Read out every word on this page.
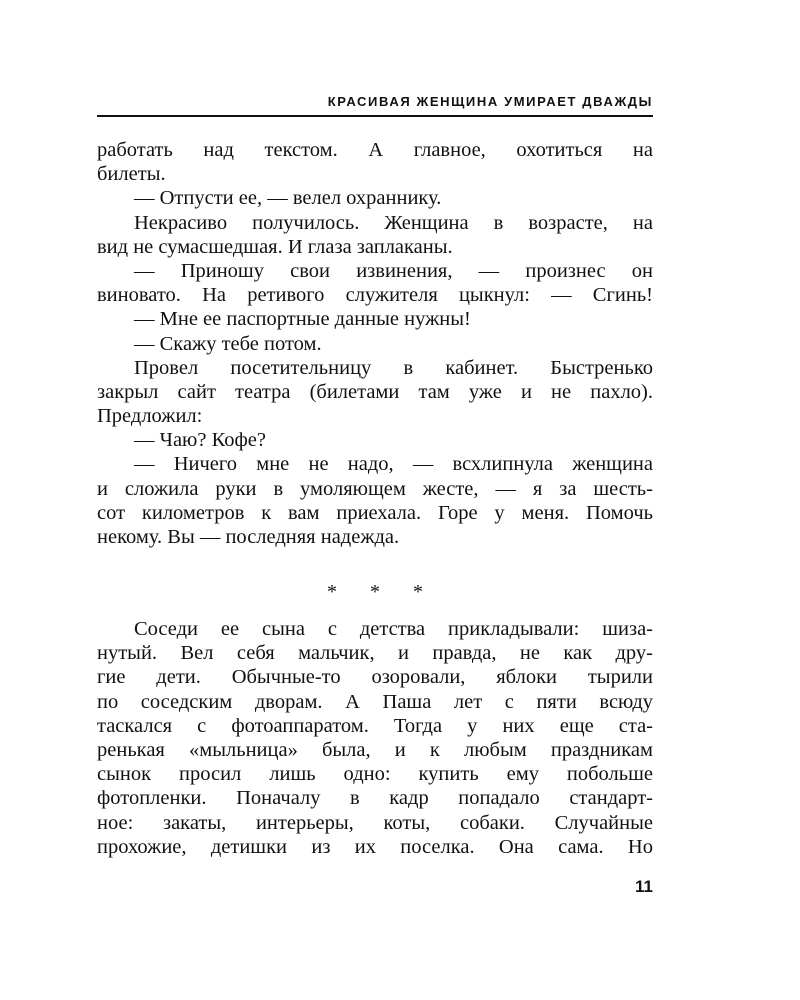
КРАСИВАЯ ЖЕНЩИНА УМИРАЕТ ДВАЖДЫ
работать над текстом. А главное, охотиться на
билеты.
— Отпусти ее, — велел охраннику.
Некрасиво получилось. Женщина в возрасте, на
вид не сумасшедшая. И глаза заплаканы.
— Приношу свои извинения, — произнес он
виновато. На ретивого служителя цыкнул: — Сгинь!
— Мне ее паспортные данные нужны!
— Скажу тебе потом.
Провел посетительницу в кабинет. Быстренько
закрыл сайт театра (билетами там уже и не пахло).
Предложил:
— Чаю? Кофе?
— Ничего мне не надо, — всхлипнула женщина
и сложила руки в умоляющем жесте, — я за шесть-
сот километров к вам приехала. Горе у меня. Помочь
некому. Вы — последняя надежда.
* * *
Соседи ее сына с детства прикладывали: шиза-
нутый. Вел себя мальчик, и правда, не как дру-
гие дети. Обычные-то озоровали, яблоки тырили
по соседским дворам. А Паша лет с пяти всюду
таскался с фотоаппаратом. Тогда у них еще ста-
ренькая «мыльница» была, и к любым праздникам
сынок просил лишь одно: купить ему побольше
фотопленки. Поначалу в кадр попадало стандарт-
ное: закаты, интерьеры, коты, собаки. Случайные
прохожие, детишки из их поселка. Она сама. Но
11
